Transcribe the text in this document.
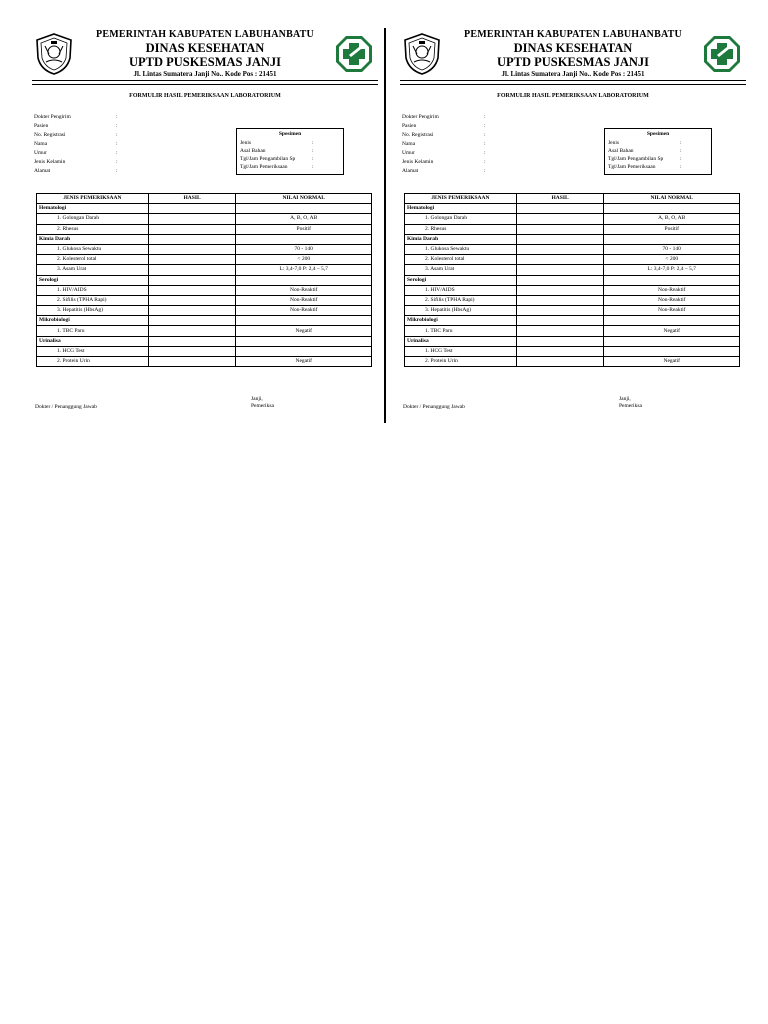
PEMERINTAH KABUPATEN LABUHANBATU
DINAS KESEHATAN
UPTD PUSKESMAS JANJI
Jl. Lintas Sumatera Janji No.. Kode Pos : 21451
FORMULIR HASIL PEMERIKSAAN LABORATORIUM
Dokter Pengirim	:
Pasien	:
No. Registrasi	:
Nama	:
Umur	:
Jenis Kelamin	:
Alamat	:
Spesimen
Jenis	:
Asal Bahan	:
Tgl/Jam Pengambilan Sp	:
Tgl/Jam Pemeriksaan	:
JENIS PEMERIKSAAN	HASIL	NILAI NORMAL
Hematologi		
1. Golongan Darah		A, B, O, AB
2. Rhesus		Positif
Kimia Darah		
1. Glukosa Sewaktu		70 - 140
2. Kolesterol total		< 200
3. Asam Urat		L: 3,4-7,0 P: 2,4 – 5,7
Serologi		
1. HIV/AIDS		Non-Reaktif
2. Sifilis (TPHA Rapi)		Non-Reaktif
3. Hepatitis (HbsAg)		Non-Reaktif
Mikrobiologi		
1. TBC Paru		Negatif
Urinalisa		
1. HCG Test		
2. Protein Urin		Negatif
Dokter / Penanggung Jawab
Janji,
Pemeriksa
PEMERINTAH KABUPATEN LABUHANBATU
DINAS KESEHATAN
UPTD PUSKESMAS JANJI
Jl. Lintas Sumatera Janji No.. Kode Pos : 21451
FORMULIR HASIL PEMERIKSAAN LABORATORIUM
Dokter Pengirim	:
Pasien	:
No. Registrasi	:
Nama	:
Umur	:
Jenis Kelamin	:
Alamat	:
Spesimen
Jenis	:
Asal Bahan	:
Tgl/Jam Pengambilan Sp	:
Tgl/Jam Pemeriksaan	:
JENIS PEMERIKSAAN	HASIL	NILAI NORMAL
Hematologi		
1. Golongan Darah		A, B, O, AB
2. Rhesus		Positif
Kimia Darah		
1. Glukosa Sewaktu		70 - 140
2. Kolesterol total		< 200
3. Asam Urat		L: 3,4-7,0 P: 2,4 – 5,7
Serologi		
1. HIV/AIDS		Non-Reaktif
2. Sifilis (TPHA Rapi)		Non-Reaktif
3. Hepatitis (HbsAg)		Non-Reaktif
Mikrobiologi		
1. TBC Paru		Negatif
Urinalisa		
1. HCG Test		
2. Protein Urin		Negatif
Dokter / Penanggung Jawab
Janji,
Pemeriksa
